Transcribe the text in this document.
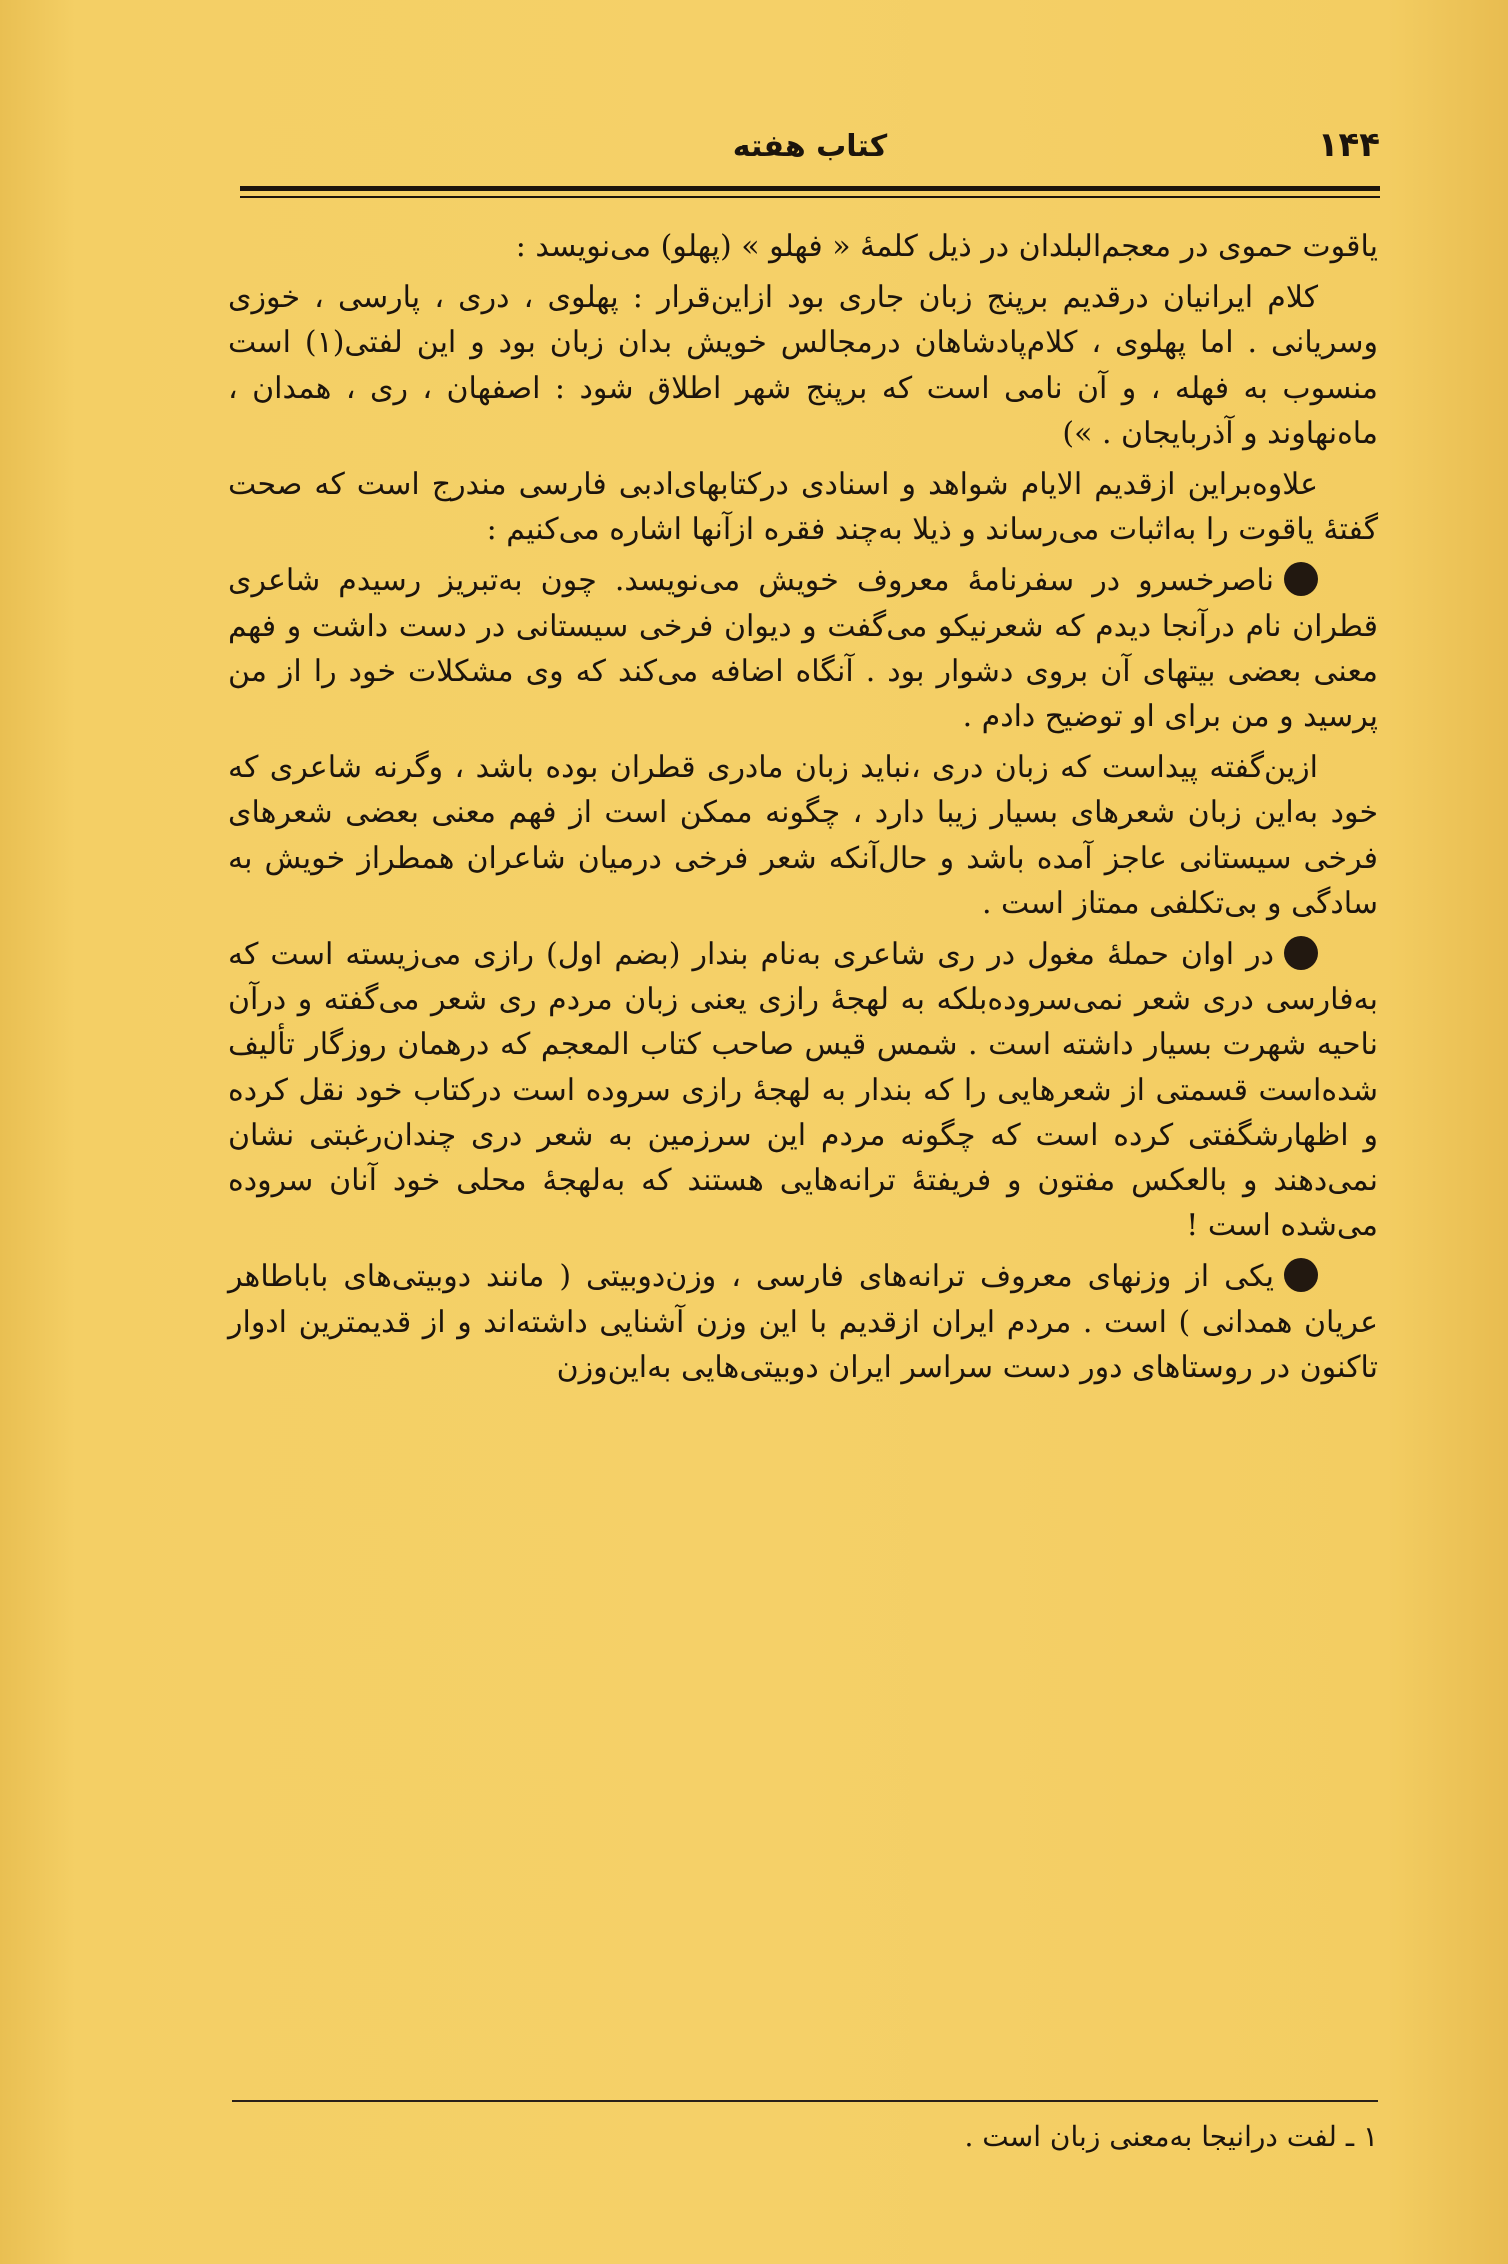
۱۴۴
کتاب هفته

یاقوت حموی در معجم‌البلدان در ذیل کلمهٔ « فهلو » (پهلو) می‌نویسد :

کلام ایرانیان درقدیم برپنج زبان جاری بود ازاین‌قرار : پهلوی ، دری ، پارسی ، خوزی وسریانی . اما پهلوی ، کلام‌پادشاهان درمجالس خویش بدان زبان بود و این لفتی(۱) است منسوب به فهله ، و آن نامی است که برپنج شهر اطلاق شود : اصفهان ، ری ، همدان ، ماه‌نهاوند و آذربایجان . »)

علاوه‌براین ازقدیم الایام شواهد و اسنادی درکتابهای‌ادبی فارسی مندرج است که صحت گفتهٔ یاقوت را به‌اثبات می‌رساند و ذیلا به‌چند فقره ازآنها اشاره می‌کنیم :

ناصرخسرو در سفرنامهٔ معروف خویش می‌نویسد. چون به‌تبریز رسیدم شاعری قطران نام درآنجا دیدم که شعرنیکو می‌گفت و دیوان فرخی سیستانی در دست داشت و فهم معنی بعضی بیتهای آن بروی دشوار بود . آنگاه اضافه می‌کند که وی مشکلات خود را از من پرسید و من برای او توضیح دادم .

ازین‌گفته پیداست که زبان دری ،نباید زبان مادری قطران بوده باشد ، وگرنه شاعری که خود به‌این زبان شعرهای بسیار زیبا دارد ، چگونه ممکن است از فهم معنی بعضی شعرهای فرخی سیستانی عاجز آمده باشد و حال‌آنکه شعر فرخی درمیان شاعران همطراز خویش به سادگی و بی‌تکلفی ممتاز است .

در اوان حملهٔ مغول در ری شاعری به‌نام بندار (بضم اول) رازی می‌زیسته است که به‌فارسی دری شعر نمی‌سروده‌بلکه به لهجهٔ رازی یعنی زبان مردم ری شعر می‌گفته و درآن ناحیه شهرت بسیار داشته است . شمس قیس صاحب کتاب المعجم که درهمان روزگار تألیف شده‌است قسمتی از شعرهایی را که بندار به لهجهٔ رازی سروده است درکتاب خود نقل کرده و اظهارشگفتی کرده است که چگونه مردم این سرزمین به شعر دری چندان‌رغبتی نشان نمی‌دهند و بالعکس مفتون و فریفتهٔ ترانه‌هایی هستند که به‌لهجهٔ محلی خود آنان سروده می‌شده است !

یکی از وزنهای معروف ترانه‌های فارسی ، وزن‌دوبیتی ( مانند دوبیتی‌های باباطاهر عریان همدانی ) است . مردم ایران ازقدیم با این وزن آشنایی داشته‌اند و از قدیمترین ادوار تاکنون در روستاهای دور دست سراسر ایران دوبیتی‌هایی به‌این‌وزن

۱ ـ لفت درانیجا به‌معنی زبان است .
